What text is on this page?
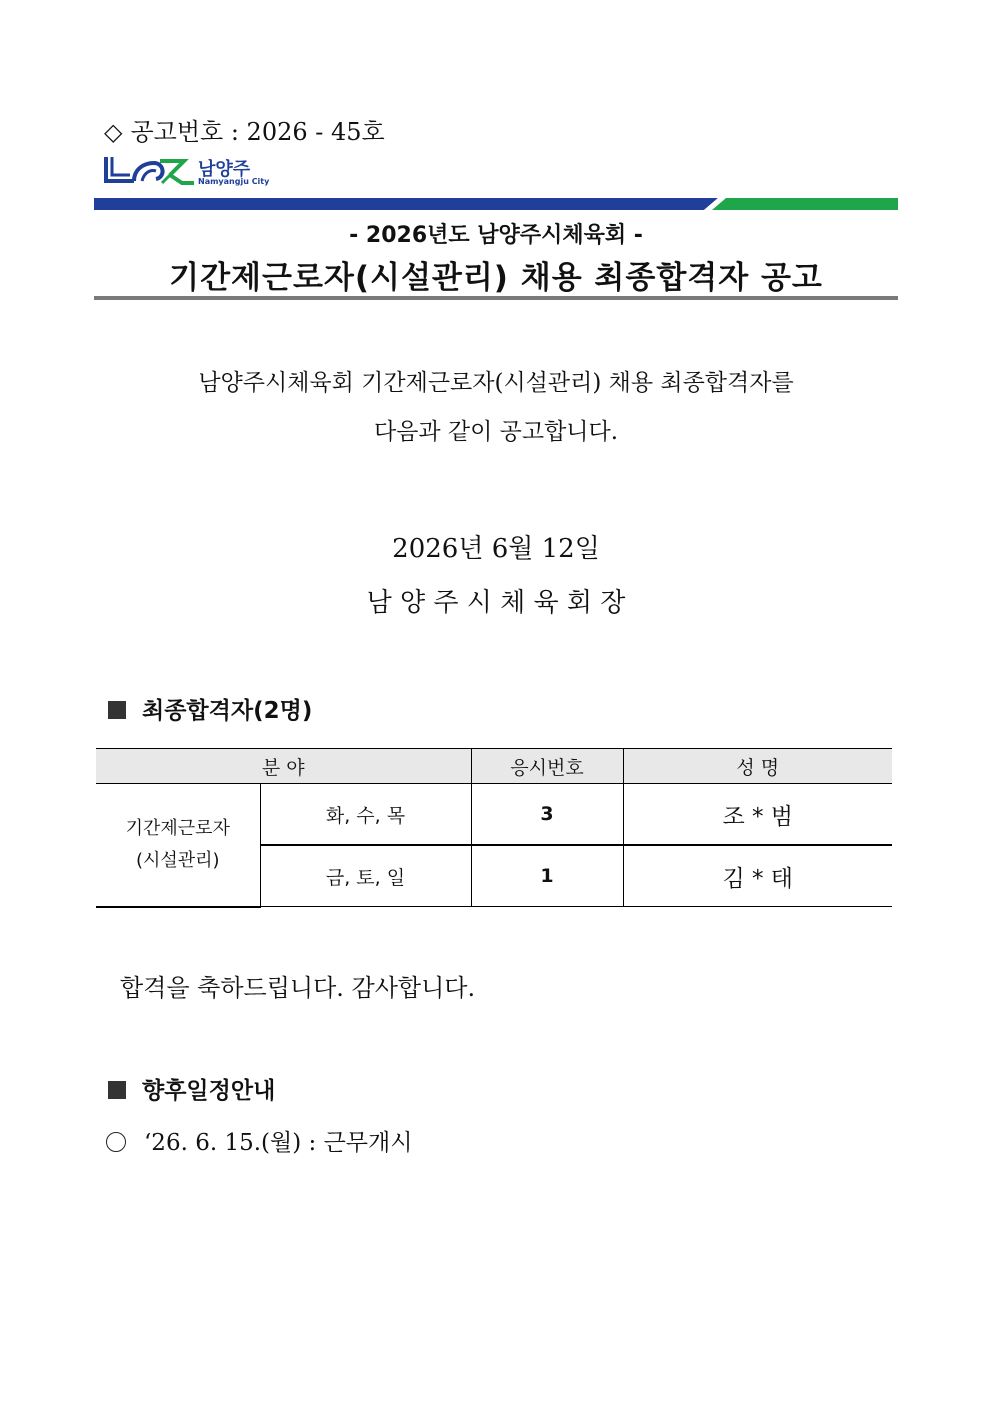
◇ 공고번호 : 2026 - 45호
남양주
Namyangju City
- 2026년도 남양주시체육회 -
기간제근로자(시설관리) 채용 최종합격자 공고
남양주시체육회 기간제근로자(시설관리) 채용 최종합격자를
다음과 같이 공고합니다.
2026년 6월 12일
남 양 주 시 체 육 회 장
최종합격자(2명)
분 야		응시번호	성 명
기간제근로자
(시설관리)	화, 수, 목	3	조 * 범
	금, 토, 일	1	김 * 태
합격을 축하드립니다. 감사합니다.
향후일정안내
‘26. 6. 15.(월) : 근무개시
